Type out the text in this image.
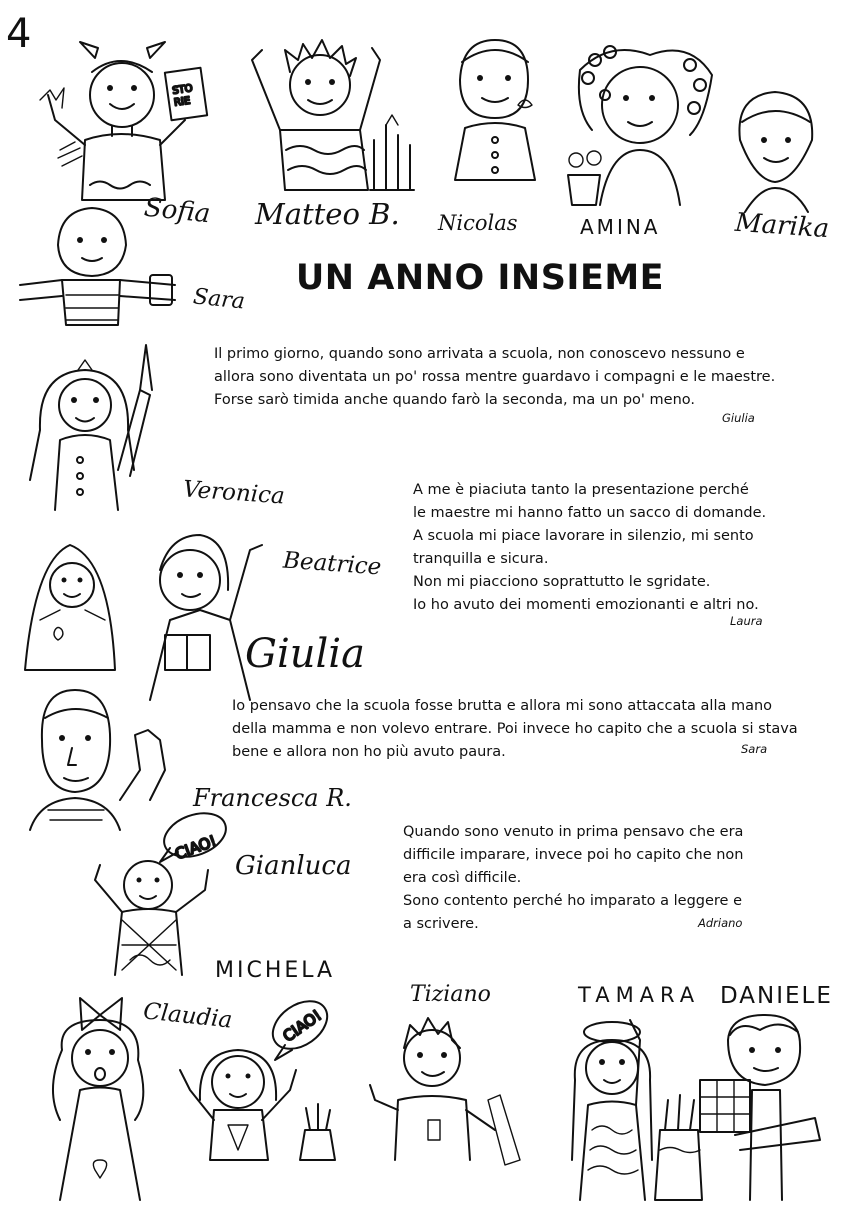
4
STO
RIE
CIAO!
CIAO!
Sofia Matteo B. Nicolas	AMINA	Marika
Sara
Veronica
Beatrice
Giulia
Francesca R.
Gianluca
MICHELA
Claudia
Tiziano	TAMARA DANIELE
UN ANNO INSIEME
Il primo giorno, quando sono arrivata a scuola, non conoscevo nessuno e
allora sono diventata un po' rossa mentre guardavo i compagni e le maestre.
Forse sarò timida anche quando farò la seconda, ma un po' meno.
Giulia
A me è piaciuta tanto la presentazione perché
le maestre mi hanno fatto un sacco di domande.
A scuola mi piace lavorare in silenzio, mi sento
tranquilla e sicura.
Non mi piacciono soprattutto le sgridate.
Io ho avuto dei momenti emozionanti e altri no.
Laura
Io pensavo che la scuola fosse brutta e allora mi sono attaccata alla mano
della mamma e non volevo entrare. Poi invece ho capito che a scuola si stava
bene e allora non ho più avuto paura.	Sara
Quando sono venuto in prima pensavo che era
difficile imparare, invece poi ho capito che non
era così difficile.
Sono contento perché ho imparato a leggere e
a scrivere.	Adriano
